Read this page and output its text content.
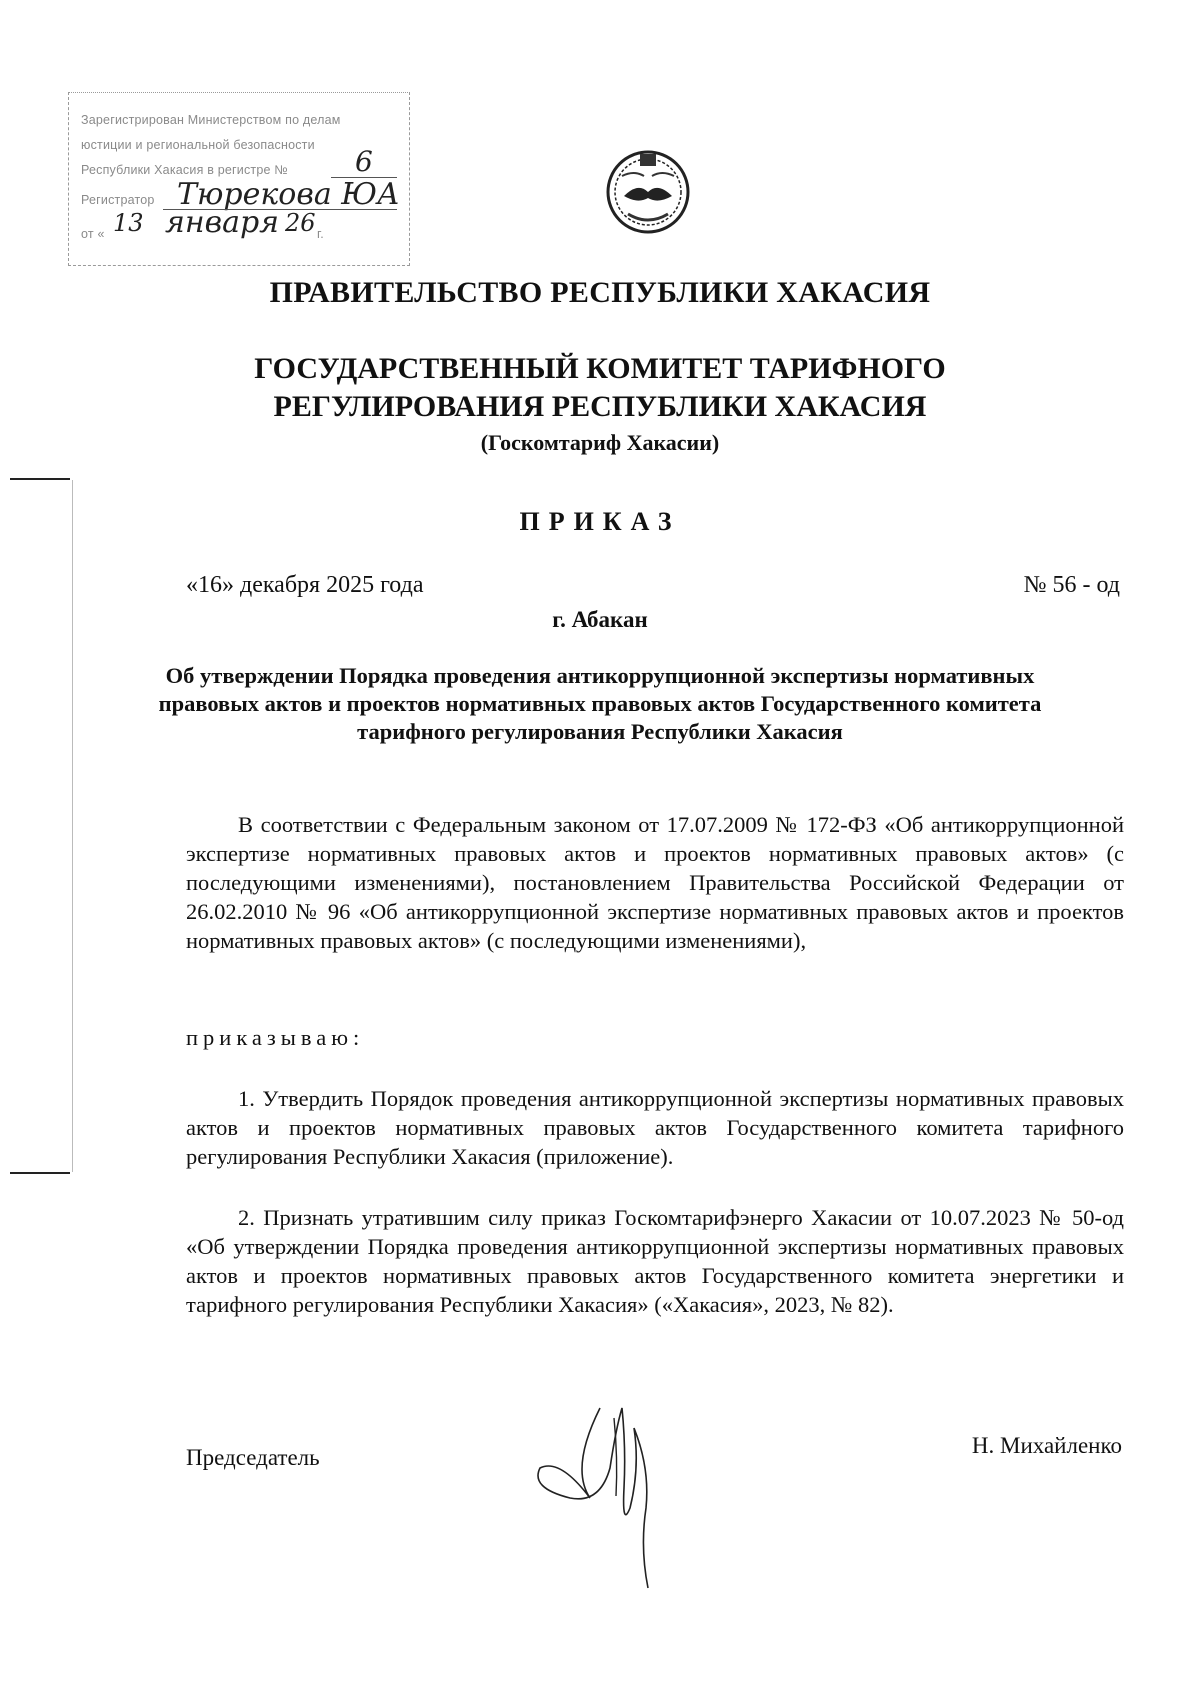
Зарегистрирован Министерством по делам
юстиции и региональной безопасности
Республики Хакасия в регистре № 6
Регистратор Тюрекова ЮА
от « 13 января 26 г.
ПРАВИТЕЛЬСТВО РЕСПУБЛИКИ ХАКАСИЯ
ГОСУДАРСТВЕННЫЙ КОМИТЕТ ТАРИФНОГО
РЕГУЛИРОВАНИЯ РЕСПУБЛИКИ ХАКАСИЯ
(Госкомтариф Хакасии)
ПРИКАЗ
«16» декабря 2025 года	№ 56 - од
г. Абакан
Об утверждении Порядка проведения антикоррупционной экспертизы нормативных правовых актов и проектов нормативных правовых актов Государственного комитета тарифного регулирования Республики Хакасия
В соответствии с Федеральным законом от 17.07.2009 № 172-ФЗ «Об антикоррупционной экспертизе нормативных правовых актов и проектов нормативных правовых актов» (с последующими изменениями), постановлением Правительства Российской Федерации от 26.02.2010 № 96 «Об антикоррупционной экспертизе нормативных правовых актов и проектов нормативных правовых актов» (с последующими изменениями),
приказываю:
1. Утвердить Порядок проведения антикоррупционной экспертизы нормативных правовых актов и проектов нормативных правовых актов Государственного комитета тарифного регулирования Республики Хакасия (приложение).
2. Признать утратившим силу приказ Госкомтарифэнерго Хакасии от 10.07.2023 № 50-од «Об утверждении Порядка проведения антикоррупционной экспертизы нормативных правовых актов и проектов нормативных правовых актов Государственного комитета энергетики и тарифного регулирования Республики Хакасия» («Хакасия», 2023, № 82).
Председатель	Н. Михайленко
